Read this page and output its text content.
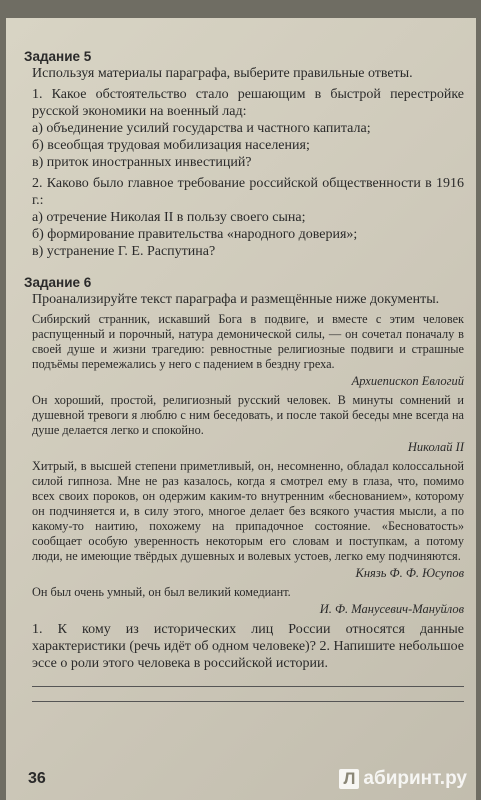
Задание 5

Используя материалы параграфа, выберите правильные ответы.

1. Какое обстоятельство стало решающим в быстрой перестройке русской экономики на военный лад:

а) объединение усилий государства и частного капитала;

б) всеобщая трудовая мобилизация населения;

в) приток иностранных инвестиций?

2. Каково было главное требование российской общественности в 1916 г.:

а) отречение Николая II в пользу своего сына;

б) формирование правительства «народного доверия»;

в) устранение Г. Е. Распутина?

Задание 6

Проанализируйте текст параграфа и размещённые ниже документы.

Сибирский странник, искавший Бога в подвиге, и вместе с этим человек распущенный и порочный, натура демонической силы, — он сочетал поначалу в своей душе и жизни трагедию: ревностные религиозные подвиги и страшные подъёмы перемежались у него с падением в бездну греха.

Архиепископ Евлогий

Он хороший, простой, религиозный русский человек. В минуты сомнений и душевной тревоги я люблю с ним беседовать, и после такой беседы мне всегда на душе делается легко и спокойно.

Николай II

Хитрый, в высшей степени приметливый, он, несомненно, обладал колоссальной силой гипноза. Мне не раз казалось, когда я смотрел ему в глаза, что, помимо всех своих пороков, он одержим каким-то внутренним «беснованием», которому он подчиняется и, в силу этого, многое делает без всякого участия мысли, а по какому-то наитию, похожему на припадочное состояние. «Бесноватость» сообщает особую уверенность некоторым его словам и поступкам, а потому люди, не имеющие твёрдых душевных и волевых устоев, легко ему подчиняются.

Князь Ф. Ф. Юсупов

Он был очень умный, он был великий комедиант.

И. Ф. Манусевич-Мануйлов

1. К кому из исторических лиц России относятся данные характеристики (речь идёт об одном человеке)? 2. Напишите небольшое эссе о роли этого человека в российской истории.

36	Л абиринт.ру
